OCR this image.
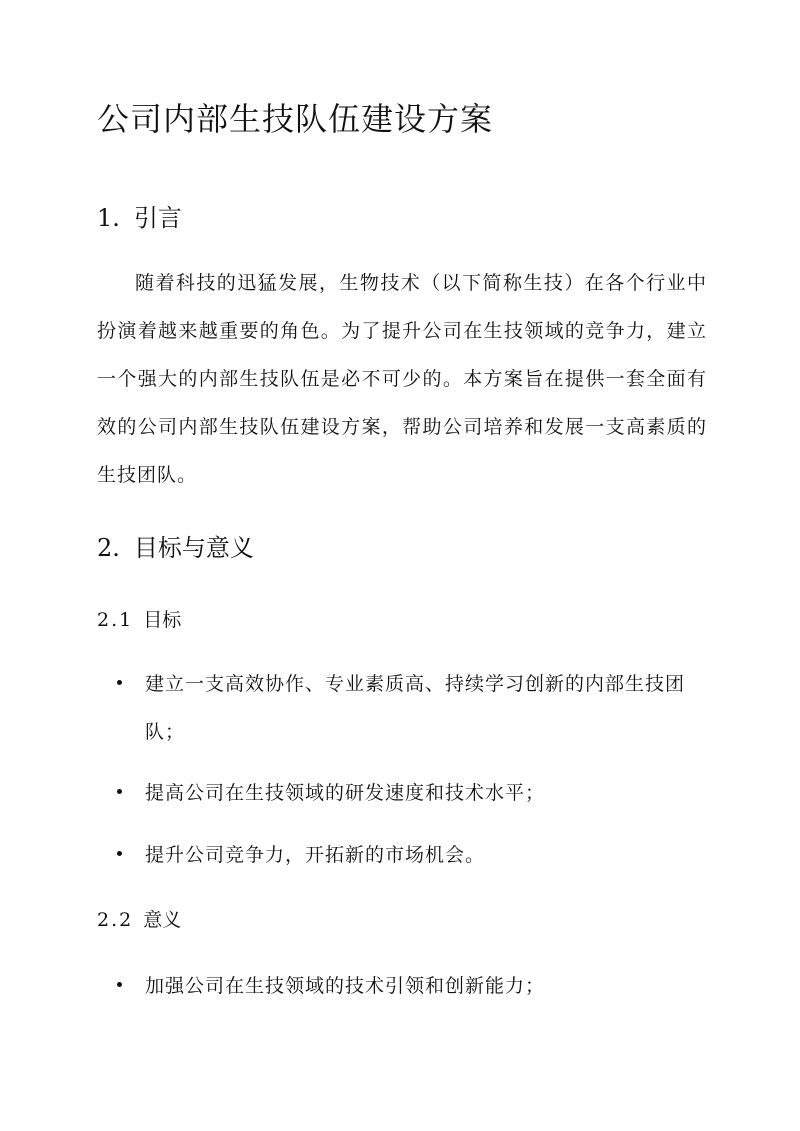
公司内部生技队伍建设方案
1. 引言

随着科技的迅猛发展，生物技术（以下简称生技）在各个行业中扮演着越来越重要的角色。为了提升公司在生技领域的竞争力，建立一个强大的内部生技队伍是必不可少的。本方案旨在提供一套全面有效的公司内部生技队伍建设方案，帮助公司培养和发展一支高素质的生技团队。

2. 目标与意义
2.1 目标
建立一支高效协作、专业素质高、持续学习创新的内部生技团队；
提高公司在生技领域的研发速度和技术水平；
提升公司竞争力，开拓新的市场机会。
2.2 意义
加强公司在生技领域的技术引领和创新能力；
